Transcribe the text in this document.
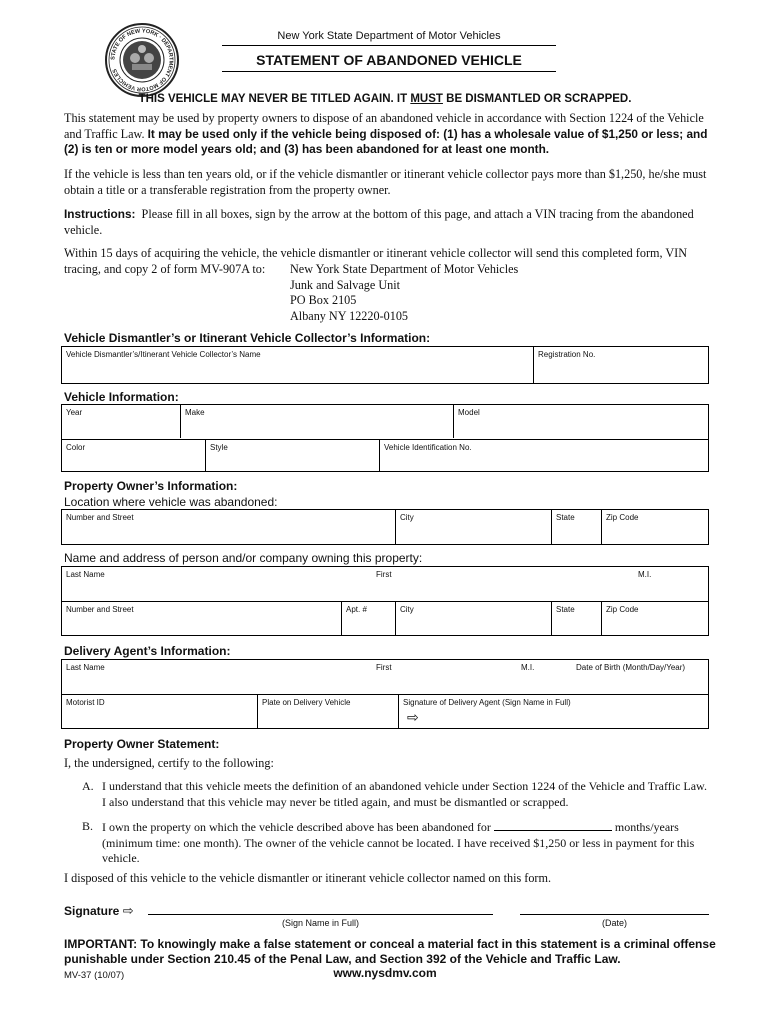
STATE OF NEW YORK · DEPARTMENT OF MOTOR VEHICLES
New York State Department of Motor Vehicles
STATEMENT OF ABANDONED VEHICLE
THIS VEHICLE MAY NEVER BE TITLED AGAIN. IT MUST BE DISMANTLED OR SCRAPPED.
This statement may be used by property owners to dispose of an abandoned vehicle in accordance with Section 1224 of the Vehicle and Traffic Law. It may be used only if the vehicle being disposed of: (1) has a wholesale value of $1,250 or less; and (2) is ten or more model years old; and (3) has been abandoned for at least one month.
If the vehicle is less than ten years old, or if the vehicle dismantler or itinerant vehicle collector pays more than $1,250, he/she must obtain a title or a transferable registration from the property owner.
Instructions: Please fill in all boxes, sign by the arrow at the bottom of this page, and attach a VIN tracing from the abandoned vehicle.
Within 15 days of acquiring the vehicle, the vehicle dismantler or itinerant vehicle collector will send this completed form, VIN tracing, and copy 2 of form MV-907A to:	New York State Department of Motor Vehicles
Junk and Salvage Unit
PO Box 2105
Albany NY 12220-0105
Vehicle Dismantler’s or Itinerant Vehicle Collector’s Information:
Vehicle Dismantler’s/Itinerant Vehicle Collector’s Name	Registration No.
Vehicle Information:
Year	Make	Model
Color	Style	Vehicle Identification No.
Property Owner’s Information:
Location where vehicle was abandoned:
Number and Street	City	State	Zip Code
Name and address of person and/or company owning this property:
Last Name	First	M.I.
Number and Street	Apt. #	City	State	Zip Code
Delivery Agent’s Information:
Last Name	First	M.I.	Date of Birth (Month/Day/Year)
Motorist ID	Plate on Delivery Vehicle	Signature of Delivery Agent (Sign Name in Full)
⇨
Property Owner Statement:
I, the undersigned, certify to the following:
A. I understand that this vehicle meets the definition of an abandoned vehicle under Section 1224 of the Vehicle and Traffic Law. I also understand that this vehicle may never be titled again, and must be dismantled or scrapped.
B. I own the property on which the vehicle described above has been abandoned for	months/years (minimum time: one month). The owner of the vehicle cannot be located. I have received $1,250 or less in payment for this vehicle.
I disposed of this vehicle to the vehicle dismantler or itinerant vehicle collector named on this form.
Signature ⇨
(Sign Name in Full)	(Date)
IMPORTANT: To knowingly make a false statement or conceal a material fact in this statement is a criminal offense punishable under Section 210.45 of the Penal Law, and Section 392 of the Vehicle and Traffic Law.
www.nysdmv.com
MV-37 (10/07)
